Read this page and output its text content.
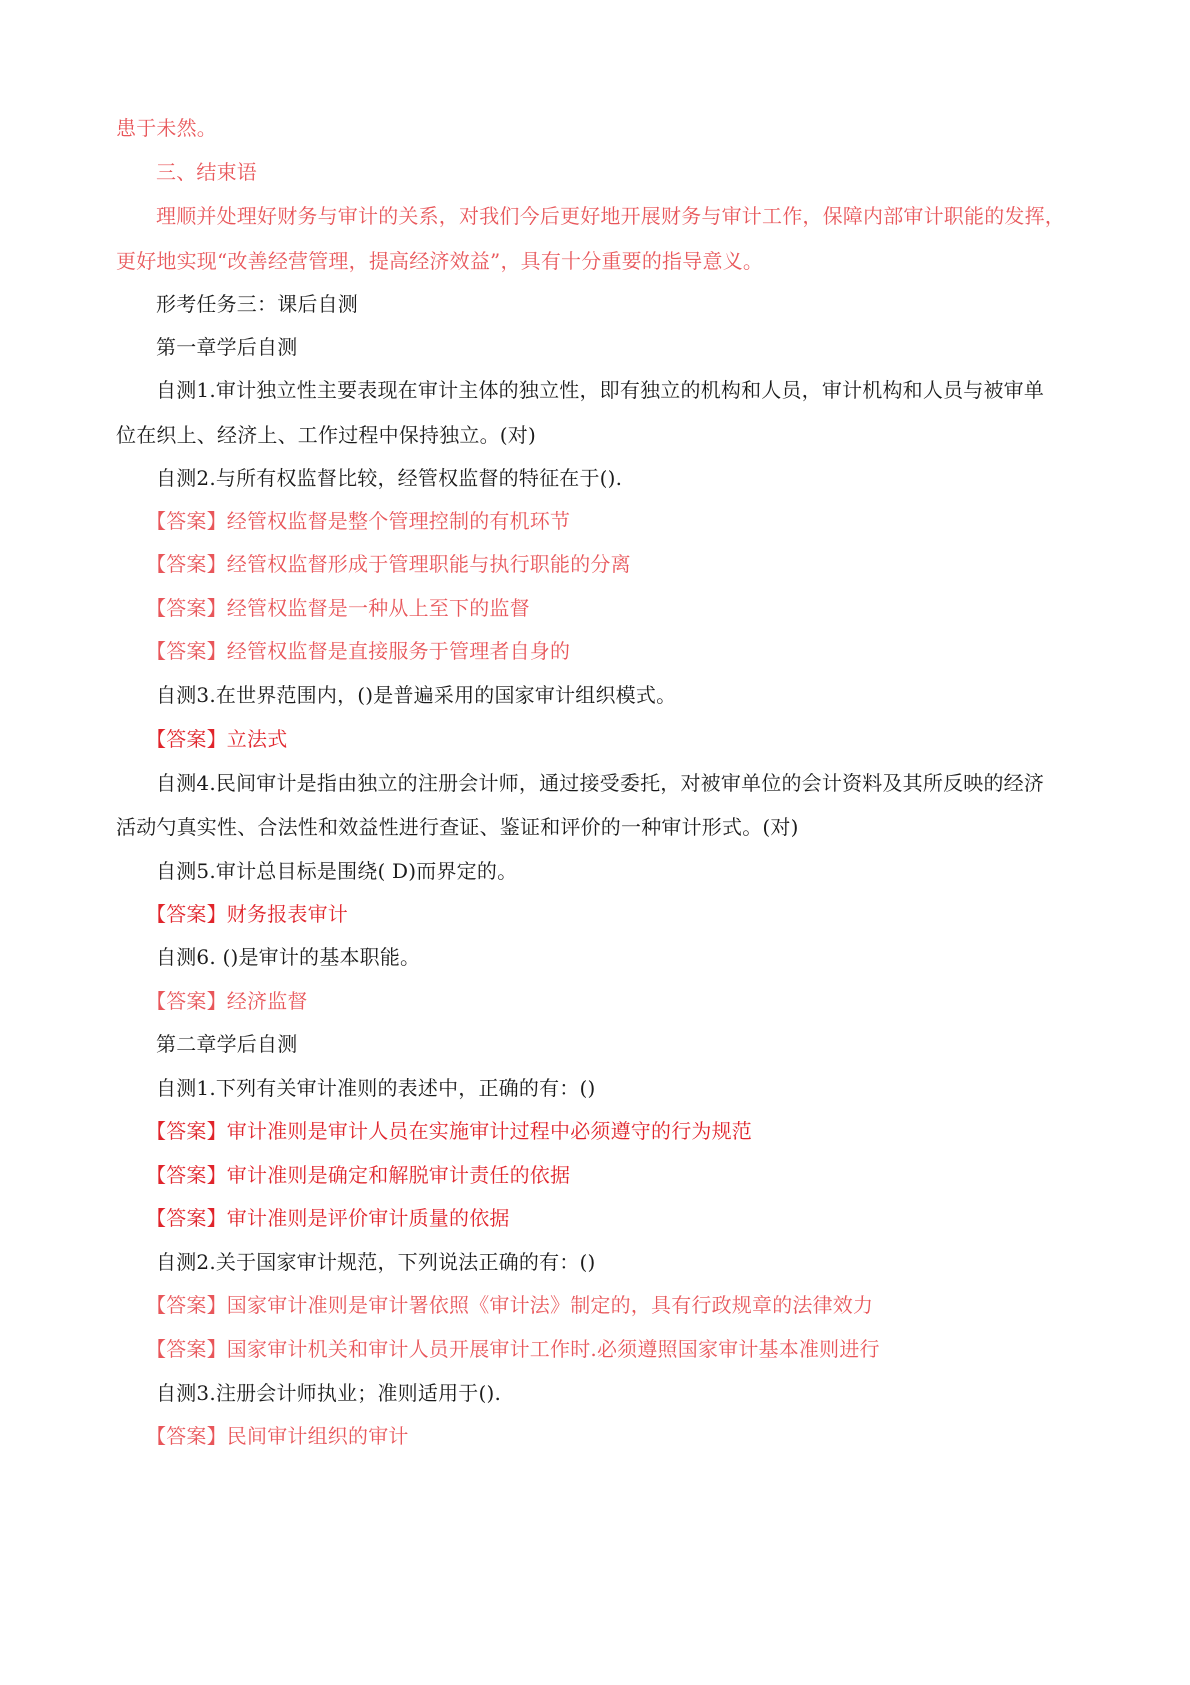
患于未然。
三、结束语
理顺并处理好财务与审计的关系，对我们今后更好地开展财务与审计工作，保障内部审计职能的发挥，
更好地实现“改善经营管理，提高经济效益”，具有十分重要的指导意义。
形考任务三：课后自测
第一章学后自测
自测1.审计独立性主要表现在审计主体的独立性，即有独立的机构和人员，审计机构和人员与被审单
位在织上、经济上、工作过程中保持独立。(对)
自测2.与所有权监督比较，经管权监督的特征在于().
【答案】经管权监督是整个管理控制的有机环节
【答案】经管权监督形成于管理职能与执行职能的分离
【答案】经管权监督是一种从上至下的监督
【答案】经管权监督是直接服务于管理者自身的
自测3.在世界范围内，()是普遍采用的国家审计组织模式。
【答案】立法式
自测4.民间审计是指由独立的注册会计师，通过接受委托，对被审单位的会计资料及其所反映的经济
活动勺真实性、合法性和效益性进行查证、鉴证和评价的一种审计形式。(对)
自测5.审计总目标是围绕( D)而界定的。
【答案】财务报表审计
自测6. ()是审计的基本职能。
【答案】经济监督
第二章学后自测
自测1.下列有关审计准则的表述中，正确的有：()
【答案】审计准则是审计人员在实施审计过程中必须遵守的行为规范
【答案】审计准则是确定和解脱审计责任的依据
【答案】审计准则是评价审计质量的依据
自测2.关于国家审计规范，下列说法正确的有：()
【答案】国家审计准则是审计署依照《审计法》制定的，具有行政规章的法律效力
【答案】国家审计机关和审计人员开展审计工作时.必须遵照国家审计基本准则进行
自测3.注册会计师执业；准则适用于().
【答案】民间审计组织的审计
